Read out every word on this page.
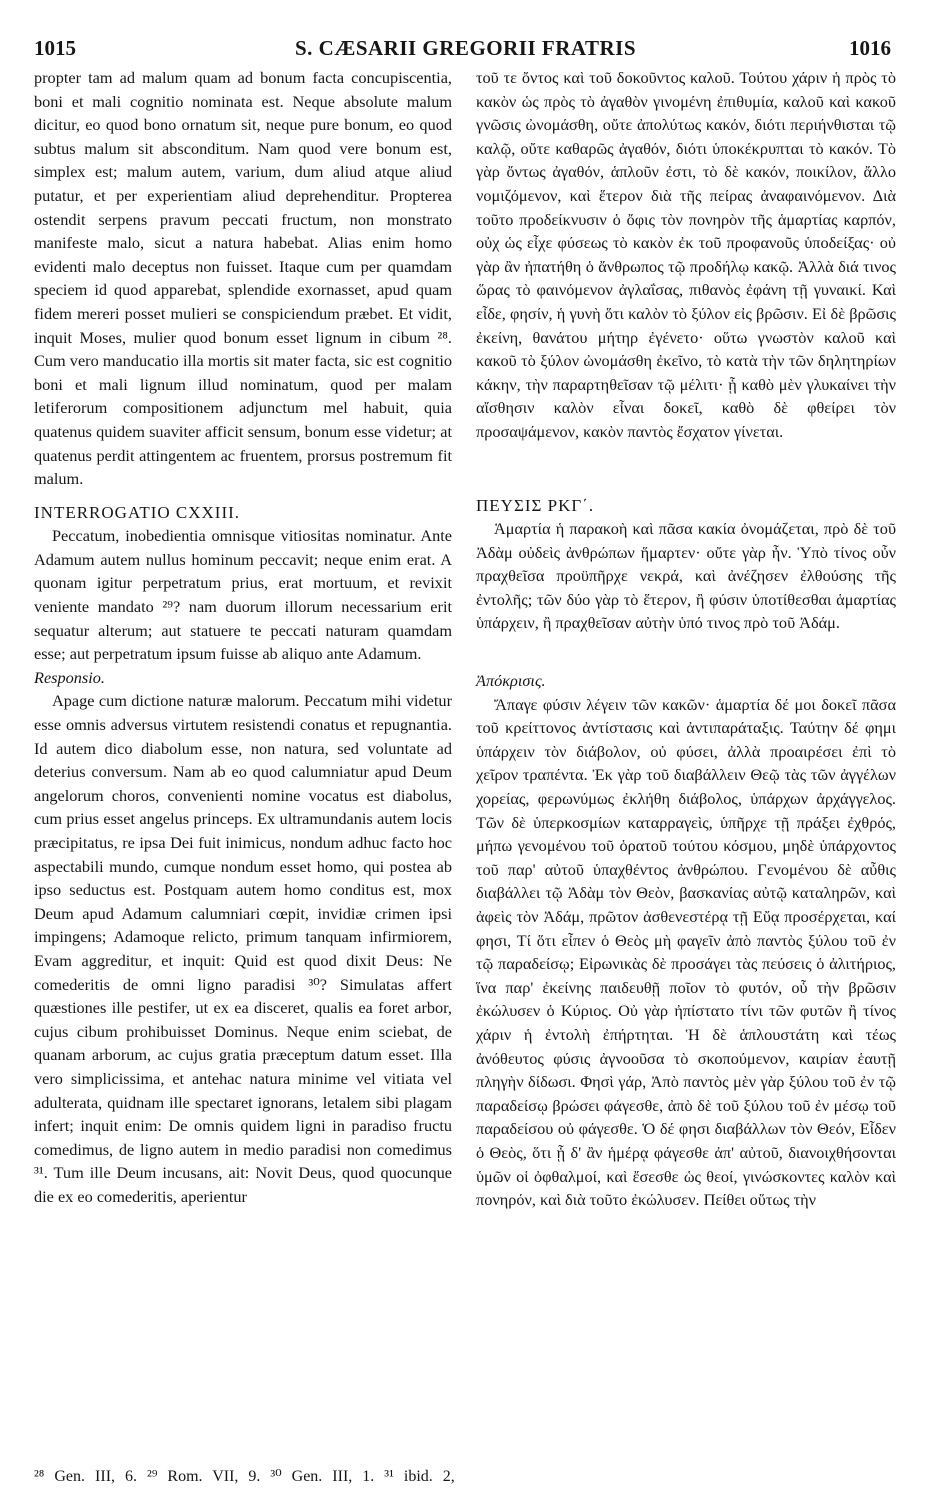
1015	S. CÆSARII GREGORII FRATRIS	1016

propter tam ad malum quam ad bonum facta concupiscentia, boni et mali cognitio nominata est. Neque absolute malum dicitur, eo quod bono ornatum sit, neque pure bonum, eo quod subtus malum sit absconditum. Nam quod vere bonum est, simplex est; malum autem, varium, dum aliud atque aliud putatur, et per experientiam aliud deprehenditur. Propterea ostendit serpens pravum peccati fructum, non monstrato manifeste malo, sicut a natura habebat. Alias enim homo evidenti malo deceptus non fuisset. Itaque cum per quamdam speciem id quod apparebat, splendide exornasset, apud quam fidem mereri posset mulieri se conspiciendum præbet. Et vidit, inquit Moses, mulier quod bonum esset lignum in cibum ²⁸. Cum vero manducatio illa mortis sit mater facta, sic est cognitio boni et mali lignum illud nominatum, quod per malam letiferorum compositionem adjunctum mel habuit, quia quatenus quidem suaviter afficit sensum, bonum esse videtur; at quatenus perdit attingentem ac fruentem, prorsus postremum fit malum.

INTERROGATIO CXXIII.

Peccatum, inobedientia omnisque vitiositas nominatur. Ante Adamum autem nullus hominum peccavit; neque enim erat. A quonam igitur perpetratum prius, erat mortuum, et revixit veniente mandato ²⁹? nam duorum illorum necessarium erit sequatur alterum; aut statuere te peccati naturam quamdam esse; aut perpetratum ipsum fuisse ab aliquo ante Adamum.

Responsio.

Apage cum dictione naturæ malorum. Peccatum mihi videtur esse omnis adversus virtutem resistendi conatus et repugnantia. Id autem dico diabolum esse, non natura, sed voluntate ad deterius conversum. Nam ab eo quod calumniatur apud Deum angelorum choros, convenienti nomine vocatus est diabolus, cum prius esset angelus princeps. Ex ultramundanis autem locis præcipitatus, re ipsa Dei fuit inimicus, nondum adhuc facto hoc aspectabili mundo, cumque nondum esset homo, qui postea ab ipso seductus est. Postquam autem homo conditus est, mox Deum apud Adamum calumniari cœpit, invidiæ crimen ipsi impingens; Adamoque relicto, primum tanquam infirmiorem, Evam aggreditur, et inquit: Quid est quod dixit Deus: Ne comederitis de omni ligno paradisi ³⁰? Simulatas affert quæstiones ille pestifer, ut ex ea disceret, qualis ea foret arbor, cujus cibum prohibuisset Dominus. Neque enim sciebat, de quanam arborum, ac cujus gratia præceptum datum esset. Illa vero simplicissima, et antehac natura minime vel vitiata vel adulterata, quidnam ille spectaret ignorans, letalem sibi plagam infert; inquit enim: De omnis quidem ligni in paradiso fructu comedimus, de ligno autem in medio paradisi non comedimus ³¹. Tum ille Deum incusans, ait: Novit Deus, quod quocunque die ex eo comederitis, aperientur

τοῦ τε ὄντος καὶ τοῦ δοκοῦντος καλοῦ. Τούτου χάριν ἡ πρὸς τὸ κακὸν ὡς πρὸς τὸ ἀγαθὸν γινομένη ἐπιθυμία, καλοῦ καὶ κακοῦ γνῶσις ὠνομάσθη, οὔτε ἀπολύτως κακόν, διότι περιήνθισται τῷ καλῷ, οὔτε καθαρῶς ἀγαθόν, διότι ὑποκέκρυπται τὸ κακόν. Τὸ γὰρ ὄντως ἀγαθόν, ἁπλοῦν ἐστι, τὸ δὲ κακόν, ποικίλον, ἄλλο νομιζόμενον, καὶ ἕτερον διὰ τῆς πείρας ἀναφαινόμενον. Διὰ τοῦτο προδείκνυσιν ὁ ὄφις τὸν πονηρὸν τῆς ἁμαρτίας καρπόν, οὐχ ὡς εἶχε φύσεως τὸ κακὸν ἐκ τοῦ προφανοῦς ὑποδείξας· οὐ γὰρ ἂν ἠπατήθη ὁ ἄνθρωπος τῷ προδήλῳ κακῷ. Ἀλλὰ διά τινος ὥρας τὸ φαινόμενον ἀγλαΐσας, πιθανὸς ἐφάνη τῇ γυναικί. Καὶ εἶδε, φησίν, ἡ γυνὴ ὅτι καλὸν τὸ ξύλον εἰς βρῶσιν. Εἰ δὲ βρῶσις ἐκείνη, θανάτου μήτηρ ἐγένετο· οὕτω γνωστὸν καλοῦ καὶ κακοῦ τὸ ξύλον ὠνομάσθη ἐκεῖνο, τὸ κατὰ τὴν τῶν δηλητηρίων κάκην, τὴν παραρτηθεῖσαν τῷ μέλιτι· ᾗ καθὸ μὲν γλυκαίνει τὴν αἴσθησιν καλὸν εἶναι δοκεῖ, καθὸ δὲ φθείρει τὸν προσαψάμενον, κακὸν παντὸς ἔσχατον γίνεται.

ΠΕΥΣΙΣ ΡΚΓ΄.

Ἁμαρτία ἡ παρακοὴ καὶ πᾶσα κακία ὀνομάζεται, πρὸ δὲ τοῦ Ἀδὰμ οὐδεὶς ἀνθρώπων ἥμαρτεν· οὔτε γὰρ ἦν. Ὑπὸ τίνος οὖν πραχθεῖσα προϋπῆρχε νεκρά, καὶ ἀνέζησεν ἐλθούσης τῆς ἐντολῆς; τῶν δύο γὰρ τὸ ἕτερον, ἢ φύσιν ὑποτίθεσθαι ἁμαρτίας ὑπάρχειν, ἢ πραχθεῖσαν αὐτὴν ὑπό τινος πρὸ τοῦ Ἀδάμ.

Ἀπόκρισις.

Ἄπαγε φύσιν λέγειν τῶν κακῶν· ἁμαρτία δέ μοι δοκεῖ πᾶσα τοῦ κρείττονος ἀντίστασις καὶ ἀντιπαράταξις. Ταύτην δέ φημι ὑπάρχειν τὸν διάβολον, οὐ φύσει, ἀλλὰ προαιρέσει ἐπὶ τὸ χεῖρον τραπέντα. Ἐκ γὰρ τοῦ διαβάλλειν Θεῷ τὰς τῶν ἀγγέλων χορείας, φερωνύμως ἐκλήθη διάβολος, ὑπάρχων ἀρχάγγελος. Τῶν δὲ ὑπερκοσμίων καταρραγεὶς, ὑπῆρχε τῇ πράξει ἐχθρός, μήπω γενομένου τοῦ ὁρατοῦ τούτου κόσμου, μηδὲ ὑπάρχοντος τοῦ παρ' αὐτοῦ ὑπαχθέντος ἀνθρώπου. Γενομένου δὲ αὖθις διαβάλλει τῷ Ἀδὰμ τὸν Θεὸν, βασκανίας αὐτῷ καταληρῶν, καὶ ἀφεὶς τὸν Ἀδάμ, πρῶτον ἀσθενεστέρᾳ τῇ Εὔᾳ προσέρχεται, καί φησι, Τί ὅτι εἶπεν ὁ Θεὸς μὴ φαγεῖν ἀπὸ παντὸς ξύλου τοῦ ἐν τῷ παραδείσῳ; Εἰρωνικὰς δὲ προσάγει τὰς πεύσεις ὁ ἀλιτήριος, ἵνα παρ' ἐκείνης παιδευθῇ ποῖον τὸ φυτόν, οὗ τὴν βρῶσιν ἐκώλυσεν ὁ Κύριος. Οὐ γὰρ ἠπίστατο τίνι τῶν φυτῶν ἢ τίνος χάριν ἡ ἐντολὴ ἐπήρτηται. Ἡ δὲ ἁπλουστάτη καὶ τέως ἀνόθευτος φύσις ἀγνοοῦσα τὸ σκοπούμενον, καιρίαν ἑαυτῇ πληγὴν δίδωσι. Φησὶ γάρ, Ἀπὸ παντὸς μὲν γὰρ ξύλου τοῦ ἐν τῷ παραδείσῳ βρώσει φάγεσθε, ἀπὸ δὲ τοῦ ξύλου τοῦ ἐν μέσῳ τοῦ παραδείσου οὐ φάγεσθε. Ὁ δέ φησι διαβάλλων τὸν Θεόν, Εἶδεν ὁ Θεὸς, ὅτι ᾗ δ' ἂν ἡμέρᾳ φάγεσθε ἀπ' αὐτοῦ, διανοιχθήσονται ὑμῶν οἱ ὀφθαλμοί, καὶ ἔσεσθε ὡς θεοί, γινώσκοντες καλὸν καὶ πονηρόν, καὶ διὰ τοῦτο ἐκώλυσεν. Πείθει οὕτως τὴν

²⁸ Gen. III, 6. ²⁹ Rom. VII, 9. ³⁰ Gen. III, 1. ³¹ ibid. 2,
